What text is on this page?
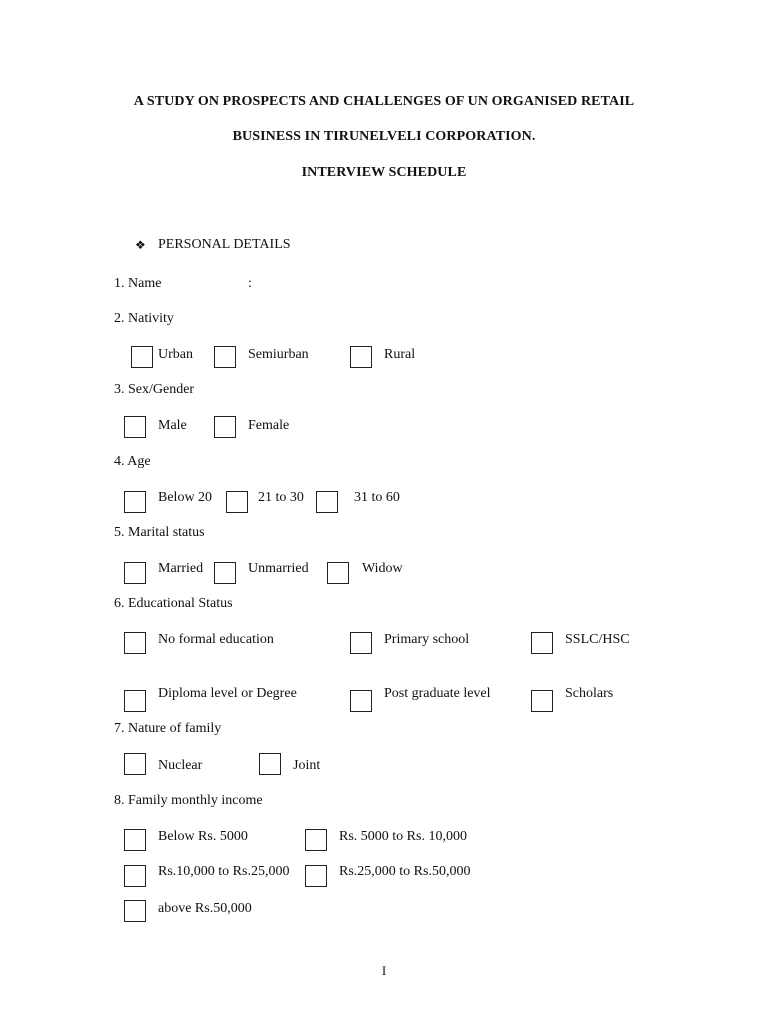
A STUDY ON PROSPECTS AND CHALLENGES OF UN ORGANISED RETAIL
BUSINESS IN TIRUNELVELI CORPORATION.
INTERVIEW SCHEDULE
❖ PERSONAL DETAILS
1. Name	:
2. Nativity
Urban	Semiurban	Rural
3. Sex/Gender
Male	Female
4. Age
Below 20	21 to 30	31 to 60
5. Marital status
Married	Unmarried	Widow
6. Educational Status
No formal education	Primary school	SSLC/HSC
Diploma level or Degree	Post graduate level	Scholars
7. Nature of family
Nuclear	Joint
8. Family monthly income
Below Rs. 5000	Rs. 5000 to Rs. 10,000
Rs.10,000 to Rs.25,000	Rs.25,000 to Rs.50,000
above Rs.50,000
I
